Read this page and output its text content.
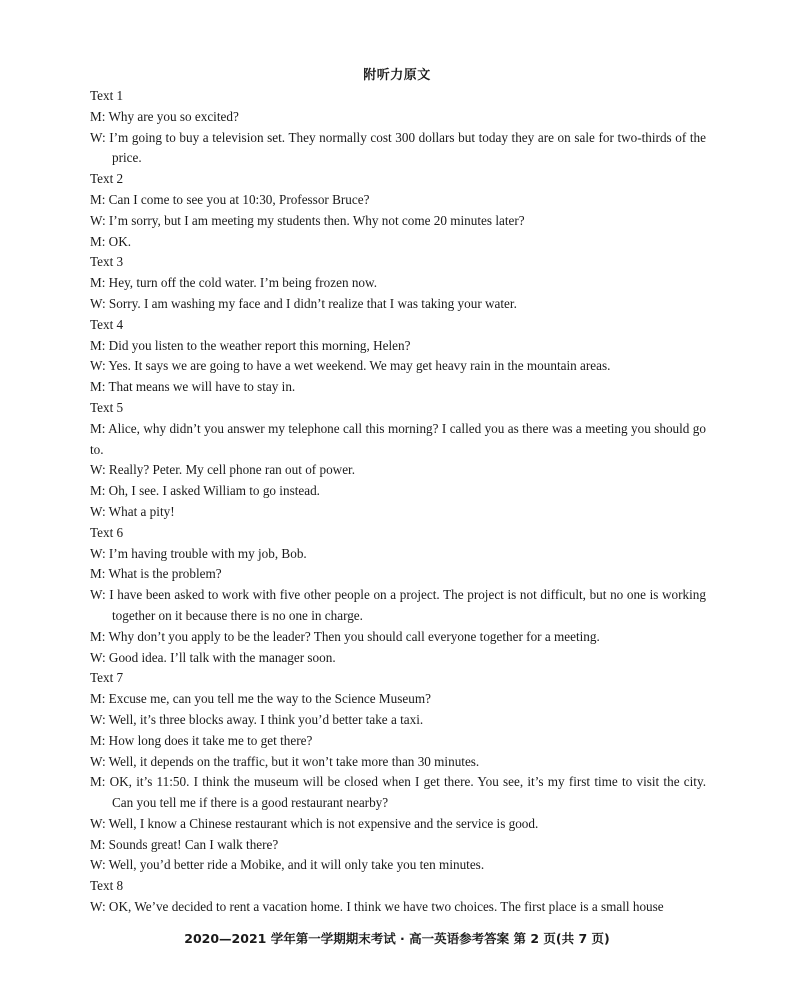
附听力原文
Text 1
M: Why are you so excited?
W: I’m going to buy a television set. They normally cost 300 dollars but today they are on sale for two-thirds of the price.
Text 2
M: Can I come to see you at 10:30, Professor Bruce?
W: I’m sorry, but I am meeting my students then. Why not come 20 minutes later?
M: OK.
Text 3
M: Hey, turn off the cold water. I’m being frozen now.
W: Sorry. I am washing my face and I didn’t realize that I was taking your water.
Text 4
M: Did you listen to the weather report this morning, Helen?
W: Yes. It says we are going to have a wet weekend. We may get heavy rain in the mountain areas.
M: That means we will have to stay in.
Text 5
M: Alice, why didn’t you answer my telephone call this morning? I called you as there was a meeting you should go to.
W: Really? Peter. My cell phone ran out of power.
M: Oh, I see. I asked William to go instead.
W: What a pity!
Text 6
W: I’m having trouble with my job, Bob.
M: What is the problem?
W: I have been asked to work with five other people on a project. The project is not difficult, but no one is working together on it because there is no one in charge.
M: Why don’t you apply to be the leader? Then you should call everyone together for a meeting.
W: Good idea. I’ll talk with the manager soon.
Text 7
M: Excuse me, can you tell me the way to the Science Museum?
W: Well, it’s three blocks away. I think you’d better take a taxi.
M: How long does it take me to get there?
W: Well, it depends on the traffic, but it won’t take more than 30 minutes.
M: OK, it’s 11:50. I think the museum will be closed when I get there. You see, it’s my first time to visit the city. Can you tell me if there is a good restaurant nearby?
W: Well, I know a Chinese restaurant which is not expensive and the service is good.
M: Sounds great! Can I walk there?
W: Well, you’d better ride a Mobike, and it will only take you ten minutes.
Text 8
W: OK, We’ve decided to rent a vacation home. I think we have two choices. The first place is a small house
2020—2021 学年第一学期期末考试 · 高一英语参考答案 第 2 页(共 7 页)
